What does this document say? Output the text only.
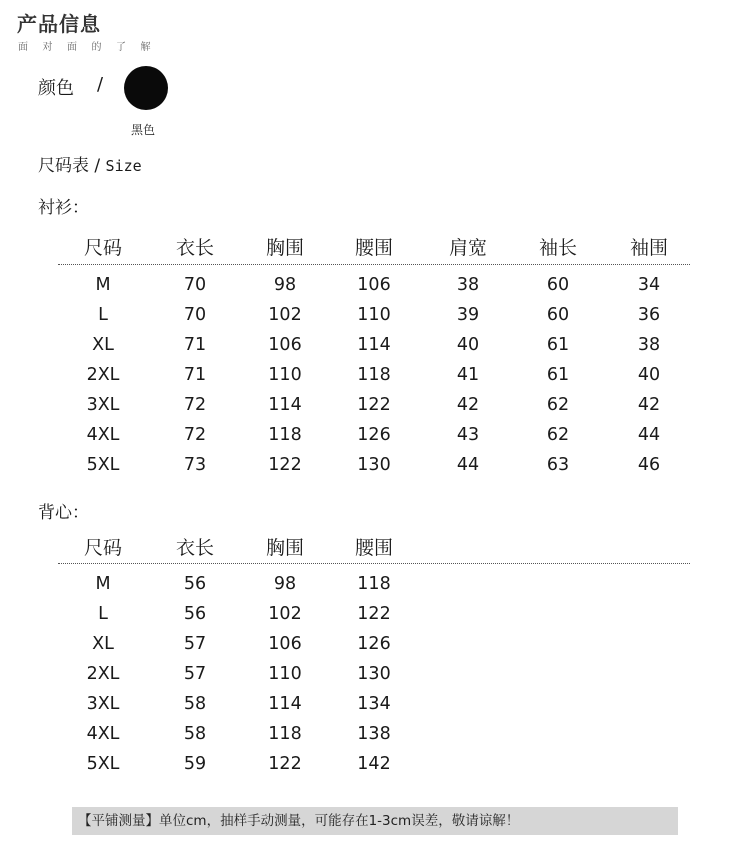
产品信息
面对面的了解
颜色 /
黑色
尺码表 / Size
衬衫：
尺码	衣长	胸围	腰围	肩宽	袖长	袖围
M	70	98	106	38	60	34
L	70	102	110	39	60	36
XL	71	106	114	40	61	38
2XL	71	110	118	41	61	40
3XL	72	114	122	42	62	42
4XL	72	118	126	43	62	44
5XL	73	122	130	44	63	46
背心：
尺码	衣长	胸围	腰围
M	56	98	118
L	56	102	122
XL	57	106	126
2XL	57	110	130
3XL	58	114	134
4XL	58	118	138
5XL	59	122	142
【平铺测量】单位cm，抽样手动测量，可能存在1-3cm误差，敬请谅解！
